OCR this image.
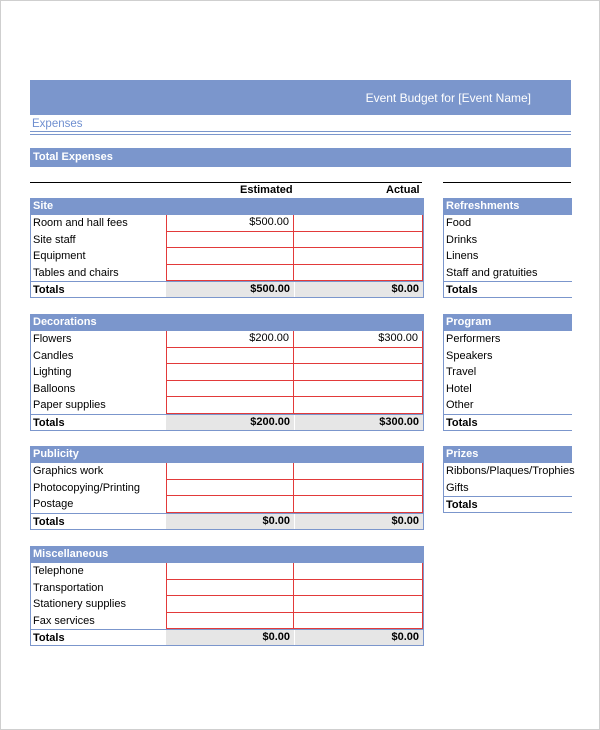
Event Budget for [Event Name]
Expenses
Total Expenses
Estimated	Actual
Site
Room and hall fees	$500.00
Site staff
Equipment
Tables and chairs
Totals	$500.00	$0.00
Decorations
Flowers	$200.00	$300.00
Candles
Lighting
Balloons
Paper supplies
Totals	$200.00	$300.00
Publicity
Graphics work
Photocopying/Printing
Postage
Totals	$0.00	$0.00
Miscellaneous
Telephone
Transportation
Stationery supplies
Fax services
Totals	$0.00	$0.00
Refreshments
Food
Drinks
Linens
Staff and gratuities
Totals
Program
Performers
Speakers
Travel
Hotel
Other
Totals
Prizes
Ribbons/Plaques/Trophies
Gifts
Totals
